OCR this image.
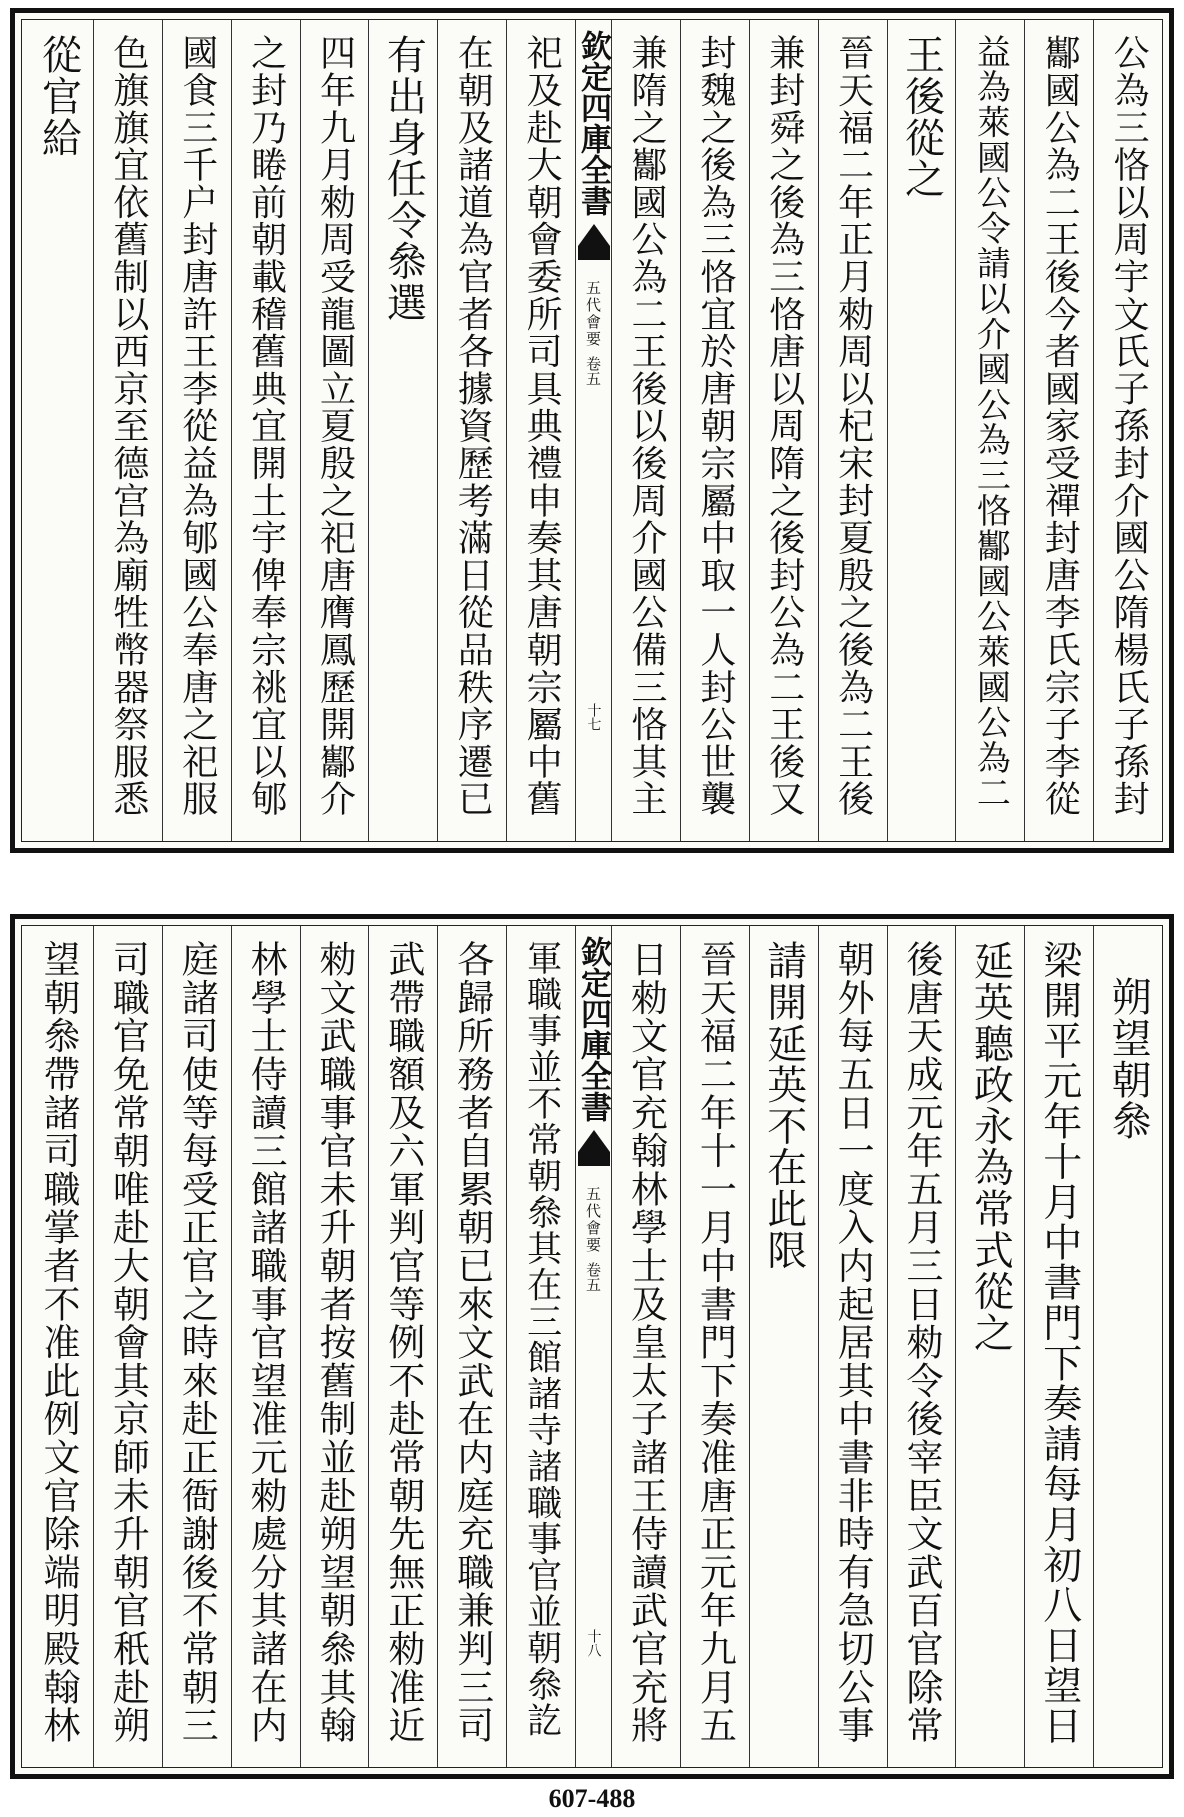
公為三恪以周宇文氏子孫封介國公隋楊氏子孫封
酅國公為二王後今者國家受禪封唐李氏宗子李從
益為萊國公令請以介國公為三恪酅國公萊國公為二
王後從之
晉天福二年正月勑周以杞宋封夏殷之後為二王後
兼封舜之後為三恪唐以周隋之後封公為二王後又
封魏之後為三恪宜於唐朝宗屬中取一人封公世襲
兼隋之酅國公為二王後以後周介國公備三恪其主
欽定四庫全書
五代會要
卷五
十七
祀及赴大朝會委所司具典禮申奏其唐朝宗屬中舊
在朝及諸道為官者各據資歷考滿日從品秩序遷已
有出身任令叅選
四年九月勑周受龍圖立夏殷之祀唐膺鳳歷開酅介
之封乃睠前朝載稽舊典宜開土宇俾奉宗祧宜以郇
國食三千户封唐許王李從益為郇國公奉唐之祀服
色旗旗宜依舊制以西京至德宫為廟牲幣器祭服悉
從官給
朔望朝叅
梁開平元年十月中書門下奏請每月初八日望日
延英聽政永為常式從之
後唐天成元年五月三日勑令後宰臣文武百官除常
朝外每五日一度入内起居其中書非時有急切公事
請開延英不在此限
晉天福二年十一月中書門下奏准唐正元年九月五
日勑文官充翰林學士及皇太子諸王侍讀武官充將
欽定四庫全書
五代會要
卷五
十八
軍職事並不常朝叅其在三館諸寺諸職事官並朝叅訖
各歸所務者自累朝已來文武在内庭充職兼判三司
武帶職額及六軍判官等例不赴常朝先無正勑准近
勑文武職事官未升朝者按舊制並赴朔望朝叅其翰
林學士侍讀三館諸職事官望准元勑處分其諸在内
庭諸司使等每受正官之時來赴正衙謝後不常朝三
司職官免常朝唯赴大朝會其京師未升朝官秖赴朔
望朝叅帶諸司職掌者不准此例文官除端明殿翰林
607-488
